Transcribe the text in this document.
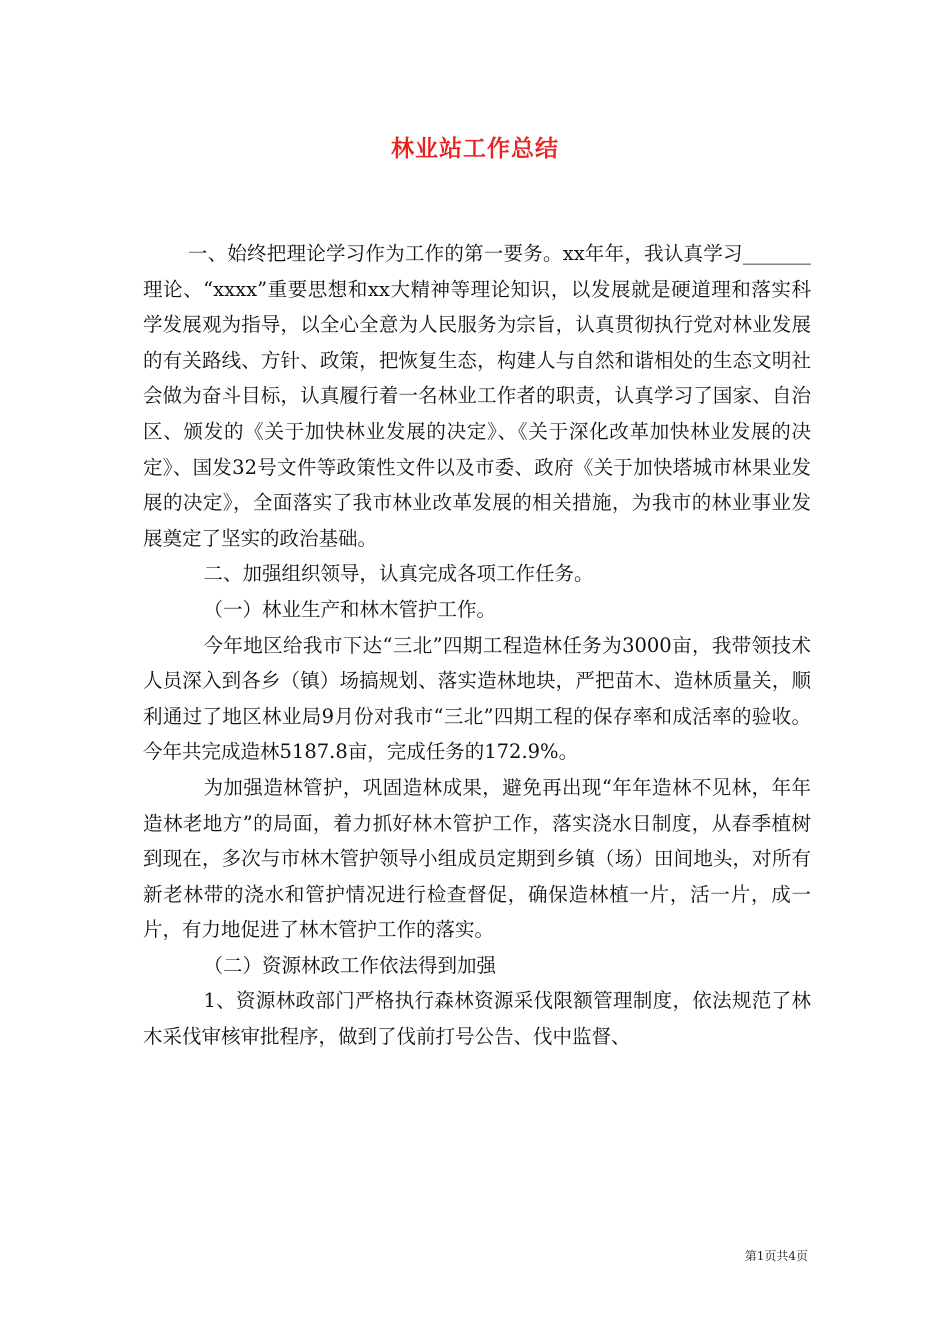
林业站工作总结

一、始终把理论学习作为工作的第一要务。xx年年，我认真学习_______理论、“xxxx”重要思想和xx大精神等理论知识，以发展就是硬道理和落实科学发展观为指导，以全心全意为人民服务为宗旨，认真贯彻执行党对林业发展的有关路线、方针、政策，把恢复生态，构建人与自然和谐相处的生态文明社会做为奋斗目标，认真履行着一名林业工作者的职责，认真学习了国家、自治区、颁发的《关于加快林业发展的决定》、《关于深化改革加快林业发展的决定》、国发32号文件等政策性文件以及市委、政府《关于加快塔城市林果业发展的决定》，全面落实了我市林业改革发展的相关措施，为我市的林业事业发展奠定了坚实的政治基础。

二、加强组织领导，认真完成各项工作任务。

（一）林业生产和林木管护工作。

今年地区给我市下达“三北”四期工程造林任务为3000亩，我带领技术人员深入到各乡（镇）场搞规划、落实造林地块，严把苗木、造林质量关，顺利通过了地区林业局9月份对我市“三北”四期工程的保存率和成活率的验收。今年共完成造林5187.8亩，完成任务的172.9%。

为加强造林管护，巩固造林成果，避免再出现“年年造林不见林，年年造林老地方”的局面，着力抓好林木管护工作，落实浇水日制度，从春季植树到现在，多次与市林木管护领导小组成员定期到乡镇（场）田间地头，对所有新老林带的浇水和管护情况进行检查督促，确保造林植一片，活一片，成一片，有力地促进了林木管护工作的落实。

（二）资源林政工作依法得到加强

1、资源林政部门严格执行森林资源采伐限额管理制度，依法规范了林木采伐审核审批程序，做到了伐前打号公告、伐中监督、

第1页共4页
